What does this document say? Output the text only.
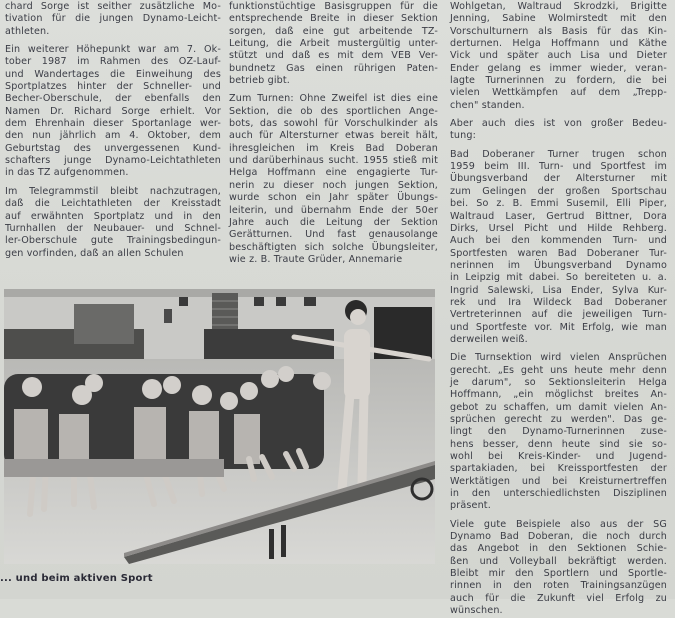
chard Sorge ist seither zusätzliche Mo-
tivation für die jungen Dynamo-Leicht-
athleten.

Ein weiterer Höhepunkt war am 7. Ok-
tober 1987 im Rahmen des OZ-Lauf-
und Wandertages die Einweihung des
Sportplatzes hinter der Schneller- und
Becher-Oberschule, der ebenfalls den
Namen Dr. Richard Sorge erhielt. Vor
dem Ehrenhain dieser Sportanlage wer-
den nun jährlich am 4. Oktober, dem
Geburtstag des unvergessenen Kund-
schafters junge Dynamo-Leichtathleten
in das TZ aufgenommen.

Im Telegrammstil bleibt nachzutragen,
daß die Leichtathleten der Kreisstadt
auf erwähnten Sportplatz und in den
Turnhallen der Neubauer- und Schnel-
ler-Oberschule gute Trainingsbedingun-
gen vorfinden, daß an allen Schulen

funktionstüchtige Basisgruppen für die
entsprechende Breite in dieser Sektion
sorgen, daß eine gut arbeitende TZ-
Leitung, die Arbeit mustergültig unter-
stützt und daß es mit dem VEB Ver-
bundnetz Gas einen rührigen Paten-
betrieb gibt.

Zum Turnen: Ohne Zweifel ist dies eine
Sektion, die ob des sportlichen Ange-
bots, das sowohl für Vorschulkinder als
auch für Altersturner etwas bereit hält,
ihresgleichen im Kreis Bad Doberan
und darüberhinaus sucht. 1955 stieß mit
Helga Hoffmann eine engagierte Tur-
nerin zu dieser noch jungen Sektion,
wurde schon ein Jahr später Übungs-
leiterin, und übernahm Ende der 50er
Jahre auch die Leitung der Sektion
Gerätturnen. Und fast genausolange
beschäftigten sich solche Übungsleiter,
wie z. B. Traute Grüder, Annemarie

Wohlgetan, Waltraud Skrodzki, Brigitte
Jenning, Sabine Wolmirstedt mit den
Vorschulturnern als Basis für das Kin-
derturnen. Helga Hoffmann und Käthe
Vick und später auch Lisa und Dieter
Ender gelang es immer wieder, veran-
lagte Turnerinnen zu fordern, die bei
vielen Wettkämpfen auf dem „Trepp-
chen" standen.

Aber auch dies ist von großer Bedeu-
tung:

Bad Doberaner Turner trugen schon
1959 beim III. Turn- und Sportfest im
Übungsverband der Altersturner mit
zum Gelingen der großen Sportschau
bei. So z. B. Emmi Susemil, Elli Piper,
Waltraud Laser, Gertrud Bittner, Dora
Dirks, Ursel Picht und Hilde Rehberg.
Auch bei den kommenden Turn- und
Sportfesten waren Bad Doberaner Tur-
nerinnen im Übungsverband Dynamo
in Leipzig mit dabei. So bereiteten u. a.
Ingrid Salewski, Lisa Ender, Sylva Kur-
rek und Ira Wildeck Bad Doberaner
Vertreterinnen auf die jeweiligen Turn-
und Sportfeste vor. Mit Erfolg, wie man
derweilen weiß.

Die Turnsektion wird vielen Ansprüchen
gerecht. „Es geht uns heute mehr denn
je darum", so Sektionsleiterin Helga
Hoffmann, „ein möglichst breites An-
gebot zu schaffen, um damit vielen An-
sprüchen gerecht zu werden". Das ge-
lingt den Dynamo-Turnerinnen zuse-
hens besser, denn heute sind sie so-
wohl bei Kreis-Kinder- und Jugend-
spartakiaden, bei Kreissportfesten der
Werktätigen und bei Kreisturnertreffen
in den unterschiedlichsten Disziplinen
präsent.

Viele gute Beispiele also aus der SG
Dynamo Bad Doberan, die noch durch
das Angebot in den Sektionen Schie-
ßen und Volleyball bekräftigt werden.
Bleibt mir den Sportlern und Sportle-
rinnen in den roten Trainingsanzügen
auch für die Zukunft viel Erfolg zu
wünschen.

... und beim aktiven Sport
